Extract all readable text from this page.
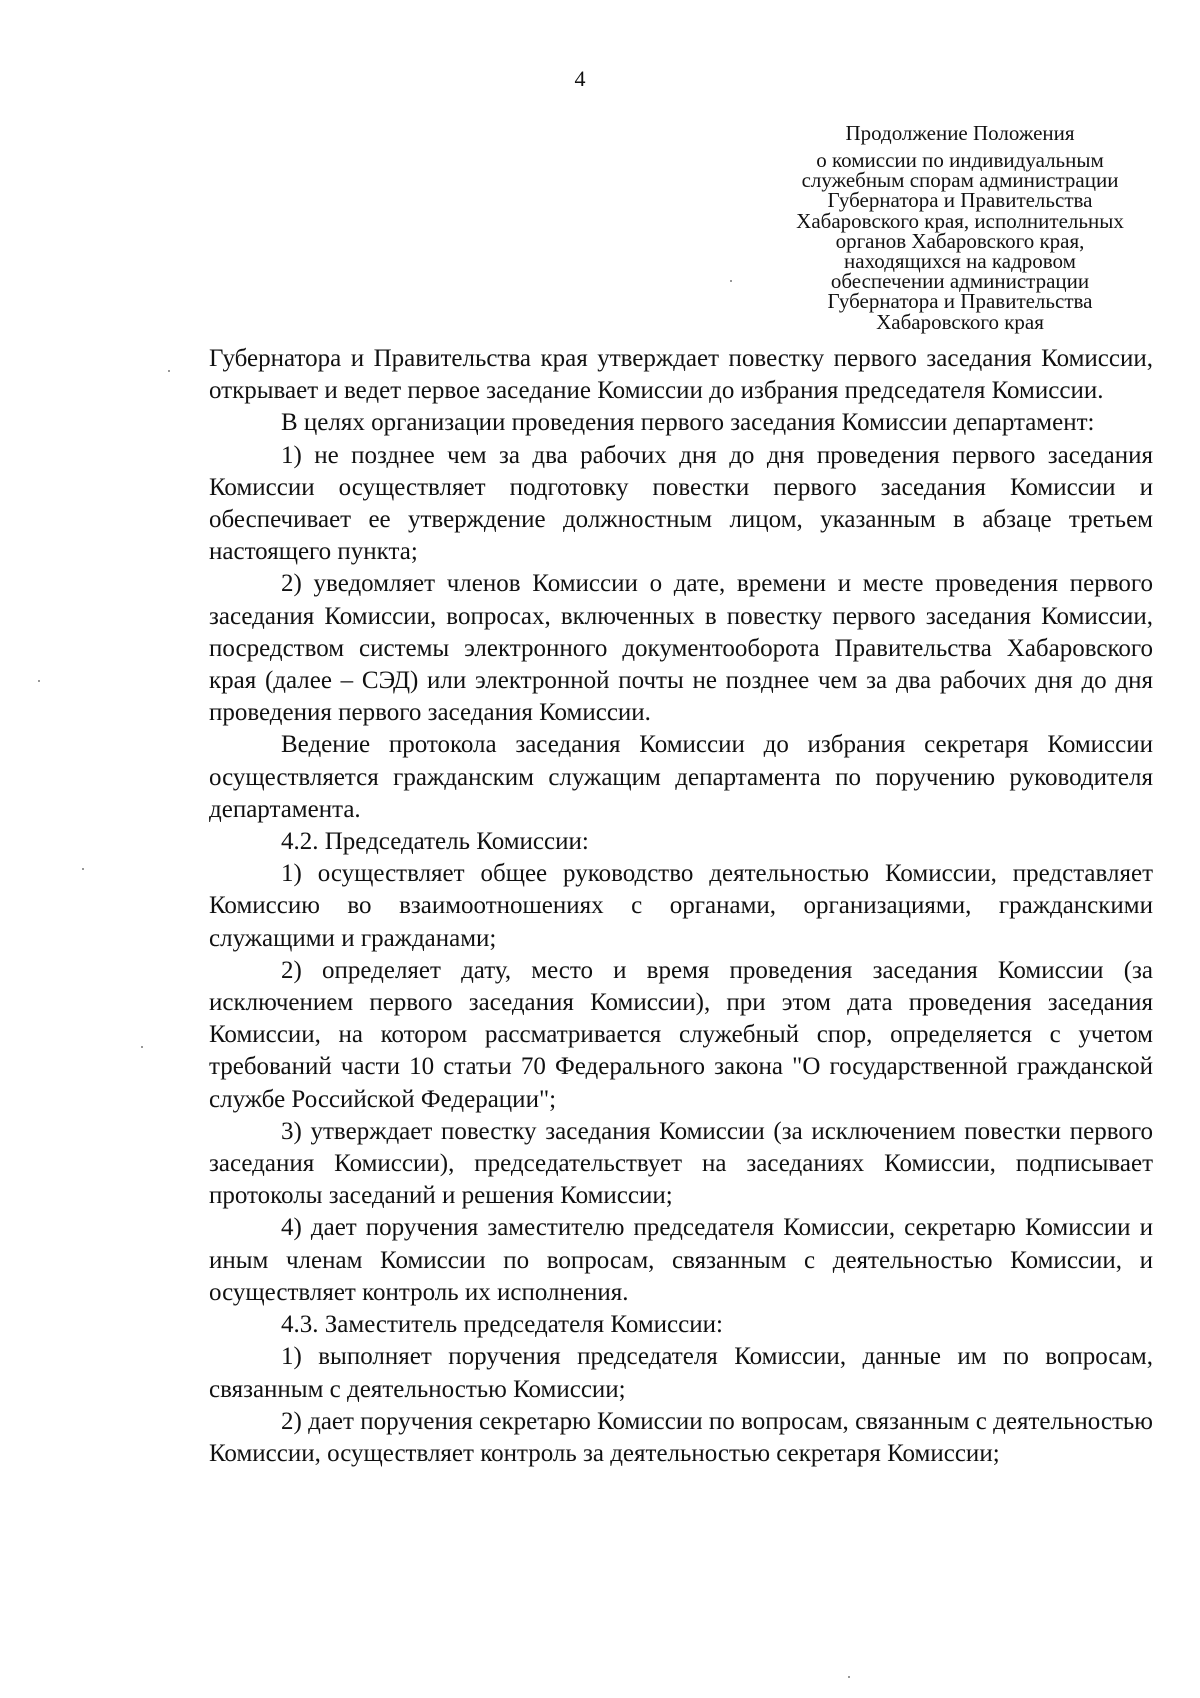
4
Продолжение Положения
о комиссии по индивидуальным
служебным спорам администрации
Губернатора и Правительства
Хабаровского края, исполнительных
органов Хабаровского края,
находящихся на кадровом
обеспечении администрации
Губернатора и Правительства
Хабаровского края

Губернатора и Правительства края утверждает повестку первого заседания Комиссии, открывает и ведет первое заседание Комиссии до избрания председателя Комиссии.

В целях организации проведения первого заседания Комиссии департамент:

1) не позднее чем за два рабочих дня до дня проведения первого заседания Комиссии осуществляет подготовку повестки первого заседания Комиссии и обеспечивает ее утверждение должностным лицом, указанным в абзаце третьем настоящего пункта;

2) уведомляет членов Комиссии о дате, времени и месте проведения первого заседания Комиссии, вопросах, включенных в повестку первого заседания Комиссии, посредством системы электронного документооборота Правительства Хабаровского края (далее – СЭД) или электронной почты не позднее чем за два рабочих дня до дня проведения первого заседания Комиссии.

Ведение протокола заседания Комиссии до избрания секретаря Комиссии осуществляется гражданским служащим департамента по поручению руководителя департамента.

4.2. Председатель Комиссии:

1) осуществляет общее руководство деятельностью Комиссии, представляет Комиссию во взаимоотношениях с органами, организациями, гражданскими служащими и гражданами;

2) определяет дату, место и время проведения заседания Комиссии (за исключением первого заседания Комиссии), при этом дата проведения заседания Комиссии, на котором рассматривается служебный спор, определяется с учетом требований части 10 статьи 70 Федерального закона "О государственной гражданской службе Российской Федерации";

3) утверждает повестку заседания Комиссии (за исключением повестки первого заседания Комиссии), председательствует на заседаниях Комиссии, подписывает протоколы заседаний и решения Комиссии;

4) дает поручения заместителю председателя Комиссии, секретарю Комиссии и иным членам Комиссии по вопросам, связанным с деятельностью Комиссии, и осуществляет контроль их исполнения.

4.3. Заместитель председателя Комиссии:

1) выполняет поручения председателя Комиссии, данные им по вопросам, связанным с деятельностью Комиссии;

2) дает поручения секретарю Комиссии по вопросам, связанным с деятельностью Комиссии, осуществляет контроль за деятельностью секретаря Комиссии;
